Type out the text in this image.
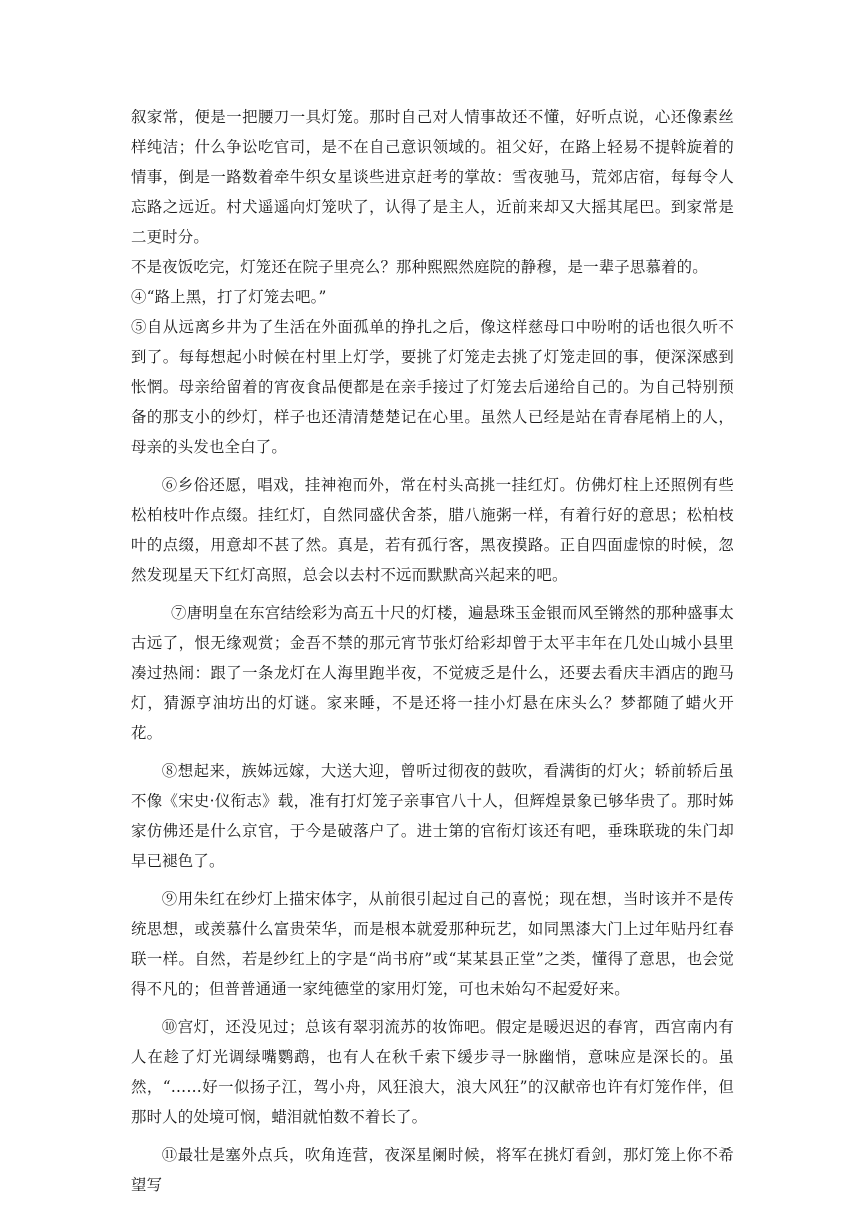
叙家常，便是一把腰刀一具灯笼。那时自己对人情事故还不懂，好听点说，心还像素丝样纯洁；什么争讼吃官司，是不在自己意识领域的。祖父好，在路上轻易不提斡旋着的情事，倒是一路数着牵牛织女星谈些进京赶考的掌故：雪夜驰马，荒郊店宿，每每令人忘路之远近。村犬遥遥向灯笼吠了，认得了是主人，近前来却又大摇其尾巴。到家常是二更时分。

不是夜饭吃完，灯笼还在院子里亮么？那种熙熙然庭院的静穆，是一辈子思慕着的。

④“路上黑，打了灯笼去吧。”

⑤自从远离乡井为了生活在外面孤单的挣扎之后，像这样慈母口中吩咐的话也很久听不到了。每每想起小时候在村里上灯学，要挑了灯笼走去挑了灯笼走回的事，便深深感到怅惘。母亲给留着的宵夜食品便都是在亲手接过了灯笼去后递给自己的。为自己特别预备的那支小的纱灯，样子也还清清楚楚记在心里。虽然人已经是站在青春尾梢上的人，母亲的头发也全白了。

⑥乡俗还愿，唱戏，挂神袍而外，常在村头高挑一挂红灯。仿佛灯柱上还照例有些松柏枝叶作点缀。挂红灯，自然同盛伏舍茶，腊八施粥一样，有着行好的意思；松柏枝叶的点缀，用意却不甚了然。真是，若有孤行客，黑夜摸路。正自四面虚惊的时候，忽然发现星天下红灯高照，总会以去村不远而默默高兴起来的吧。

⑦唐明皇在东宫结绘彩为高五十尺的灯楼，遍悬珠玉金银而风至锵然的那种盛事太古远了，恨无缘观赏；金吾不禁的那元宵节张灯给彩却曾于太平丰年在几处山城小县里凑过热闹：跟了一条龙灯在人海里跑半夜，不觉疲乏是什么，还要去看庆丰酒店的跑马灯，猜源亨油坊出的灯谜。家来睡，不是还将一挂小灯悬在床头么？梦都随了蜡火开花。

⑧想起来，族姊远嫁，大送大迎，曾听过彻夜的鼓吹，看满街的灯火；轿前轿后虽不像《宋史·仪衔志》载，准有打灯笼子亲事官八十人，但辉煌景象已够华贵了。那时姊家仿佛还是什么京官，于今是破落户了。进士第的官衔灯该还有吧，垂珠联珑的朱门却早已褪色了。

⑨用朱红在纱灯上描宋体字，从前很引起过自己的喜悦；现在想，当时该并不是传统思想，或羡慕什么富贵荣华，而是根本就爱那种玩艺，如同黑漆大门上过年贴丹红春联一样。自然，若是纱红上的字是“尚书府”或“某某县正堂”之类，懂得了意思，也会觉得不凡的；但普普通通一家纯德堂的家用灯笼，可也未始勾不起爱好来。

⑩宫灯，还没见过；总该有翠羽流苏的妆饰吧。假定是暖迟迟的春宵，西宫南内有人在趁了灯光调绿嘴鹦鹉，也有人在秋千索下缓步寻一脉幽悄，意味应是深长的。虽然，“……好一似扬子江，驾小舟，风狂浪大，浪大风狂”的汉献帝也许有灯笼作伴，但那时人的处境可悯，蜡泪就怕数不着长了。

⑪最壮是塞外点兵，吹角连营，夜深星阑时候，将军在挑灯看剑，那灯笼上你不希望写
